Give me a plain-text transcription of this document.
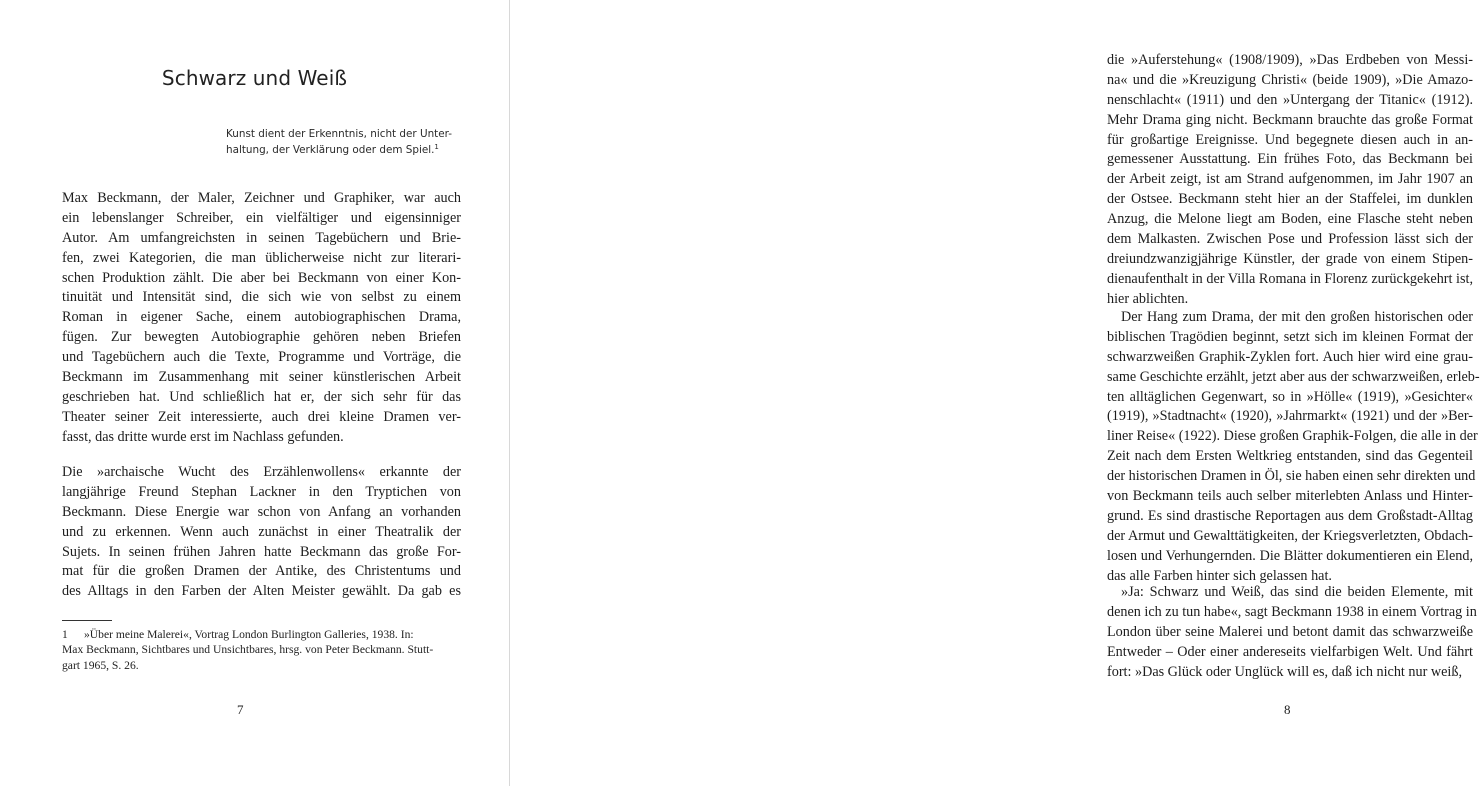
Schwarz und Weiß
Kunst dient der Erkenntnis, nicht der Unter-
haltung, der Verklärung oder dem Spiel.$^1$
Max Beckmann, der Maler, Zeichner und Graphiker, war auch
ein lebenslanger Schreiber, ein vielfältiger und eigensinniger
Autor. Am umfangreichsten in seinen Tagebüchern und Brie-
fen, zwei Kategorien, die man üblicherweise nicht zur literari-
schen Produktion zählt. Die aber bei Beckmann von einer Kon-
tinuität und Intensität sind, die sich wie von selbst zu einem
Roman in eigener Sache, einem autobiographischen Drama,
fügen. Zur bewegten Autobiographie gehören neben Briefen
und Tagebüchern auch die Texte, Programme und Vorträge, die
Beckmann im Zusammenhang mit seiner künstlerischen Arbeit
geschrieben hat. Und schließlich hat er, der sich sehr für das
Theater seiner Zeit interessierte, auch drei kleine Dramen ver-
fasst, das dritte wurde erst im Nachlass gefunden.
Die »archaische Wucht des Erzählenwollens« erkannte der
langjährige Freund Stephan Lackner in den Tryptichen von
Beckmann. Diese Energie war schon von Anfang an vorhanden
und zu erkennen. Wenn auch zunächst in einer Theatralik der
Sujets. In seinen frühen Jahren hatte Beckmann das große For-
mat für die großen Dramen der Antike, des Christentums und
des Alltags in den Farben der Alten Meister gewählt. Da gab es
1 »Über meine Malerei«, Vortrag London Burlington Galleries, 1938. In:
Max Beckmann, Sichtbares und Unsichtbares, hrsg. von Peter Beckmann. Stutt-
gart 1965, S. 26.
7
die »Auferstehung« (1908/1909), »Das Erdbeben von Messi-
na« und die »Kreuzigung Christi« (beide 1909), »Die Amazo-
nenschlacht« (1911) und den »Untergang der Titanic« (1912).
Mehr Drama ging nicht. Beckmann brauchte das große Format
für großartige Ereignisse. Und begegnete diesen auch in an-
gemessener Ausstattung. Ein frühes Foto, das Beckmann bei
der Arbeit zeigt, ist am Strand aufgenommen, im Jahr 1907 an
der Ostsee. Beckmann steht hier an der Staffelei, im dunklen
Anzug, die Melone liegt am Boden, eine Flasche steht neben
dem Malkasten. Zwischen Pose und Profession lässt sich der
dreiundzwanzigjährige Künstler, der grade von einem Stipen-
dienaufenthalt in der Villa Romana in Florenz zurückgekehrt ist,
hier ablichten.
Der Hang zum Drama, der mit den großen historischen oder
biblischen Tragödien beginnt, setzt sich im kleinen Format der
schwarzweißen Graphik-Zyklen fort. Auch hier wird eine grau-
same Geschichte erzählt, jetzt aber aus der schwarzweißen, erleb-
ten alltäglichen Gegenwart, so in »Hölle« (1919), »Gesichter«
(1919), »Stadtnacht« (1920), »Jahrmarkt« (1921) und der »Ber-
liner Reise« (1922). Diese großen Graphik-Folgen, die alle in der
Zeit nach dem Ersten Weltkrieg entstanden, sind das Gegenteil
der historischen Dramen in Öl, sie haben einen sehr direkten und
von Beckmann teils auch selber miterlebten Anlass und Hinter-
grund. Es sind drastische Reportagen aus dem Großstadt-Alltag
der Armut und Gewalttätigkeiten, der Kriegsverletzten, Obdach-
losen und Verhungernden. Die Blätter dokumentieren ein Elend,
das alle Farben hinter sich gelassen hat.
»Ja: Schwarz und Weiß, das sind die beiden Elemente, mit
denen ich zu tun habe«, sagt Beckmann 1938 in einem Vortrag in
London über seine Malerei und betont damit das schwarzweiße
Entweder – Oder einer andereseits vielfarbigen Welt. Und fährt
fort: »Das Glück oder Unglück will es, daß ich nicht nur weiß,
8
